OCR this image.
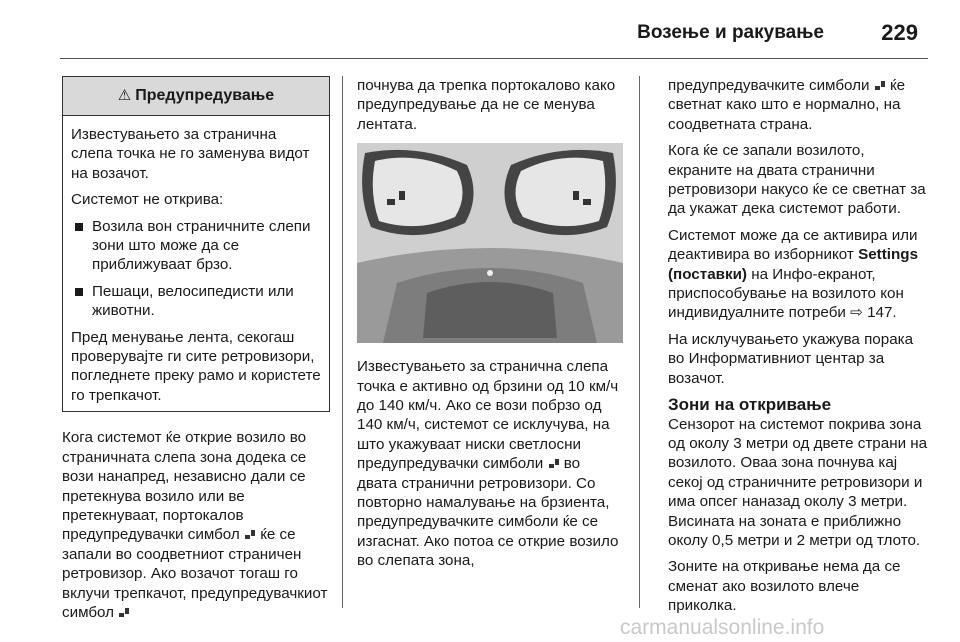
Возење и ракување	229
⚠ Предупредување

Известувањето за странична слепа точка не го заменува видот на возачот.

Системот не открива:

Возила вон страничните слепи зони што може да се приближуваат брзо.
Пешаци, велосипедисти или животни.

Пред менување лента, секогаш проверувајте ги сите ретровизори, погледнете преку рамо и користете го трепкачот.

Кога системот ќе открие возило во страничната слепа зона додека се вози нанапред, независно дали се претекнува возило или ве претекнуваат, портокалов предупредувачки симбол ќе се запали во соодветниот страничен ретровизор. Ако возачот тогаш го вклучи трепкачот, предупредувачкиот симбол

почнува да трепка портокалово како предупредување да не се менува лентата.

Известувањето за странична слепа точка е активно од брзини од 10 км/ч до 140 км/ч. Ако се вози побрзо од 140 км/ч, системот се исклучува, на што укажуваат ниски светлосни предупредувачки симболи во двата странични ретровизори. Со повторно намалување на брзиента, предупредувачките симболи ќе се изгаснат. Ако потоа се открие возило во слепата зона,

предупредувачките симболи ќе светнат како што е нормално, на соодветната страна.

Кога ќе се запали возилото, екраните на двата странични ретровизори накусо ќе се светнат за да укажат дека системот работи.

Системот може да се активира или деактивира во изборникот Settings (поставки) на Инфо-екранот, приспособување на возилото кон индивидуалните потреби ⇨ 147.

На исклучувањето укажува порака во Информативниот центар за возачот.

Зони на откривање

Сензорот на системот покрива зона од околу 3 метри од двете страни на возилото. Оваа зона почнува кај секој од страничните ретровизори и има опсег наназад околу 3 метри. Висината на зоната е приближно околу 0,5 метри и 2 метри од тлото.

Зоните на откривање нема да се сменат ако возилото влече приколка.

carmanualsonline.info
